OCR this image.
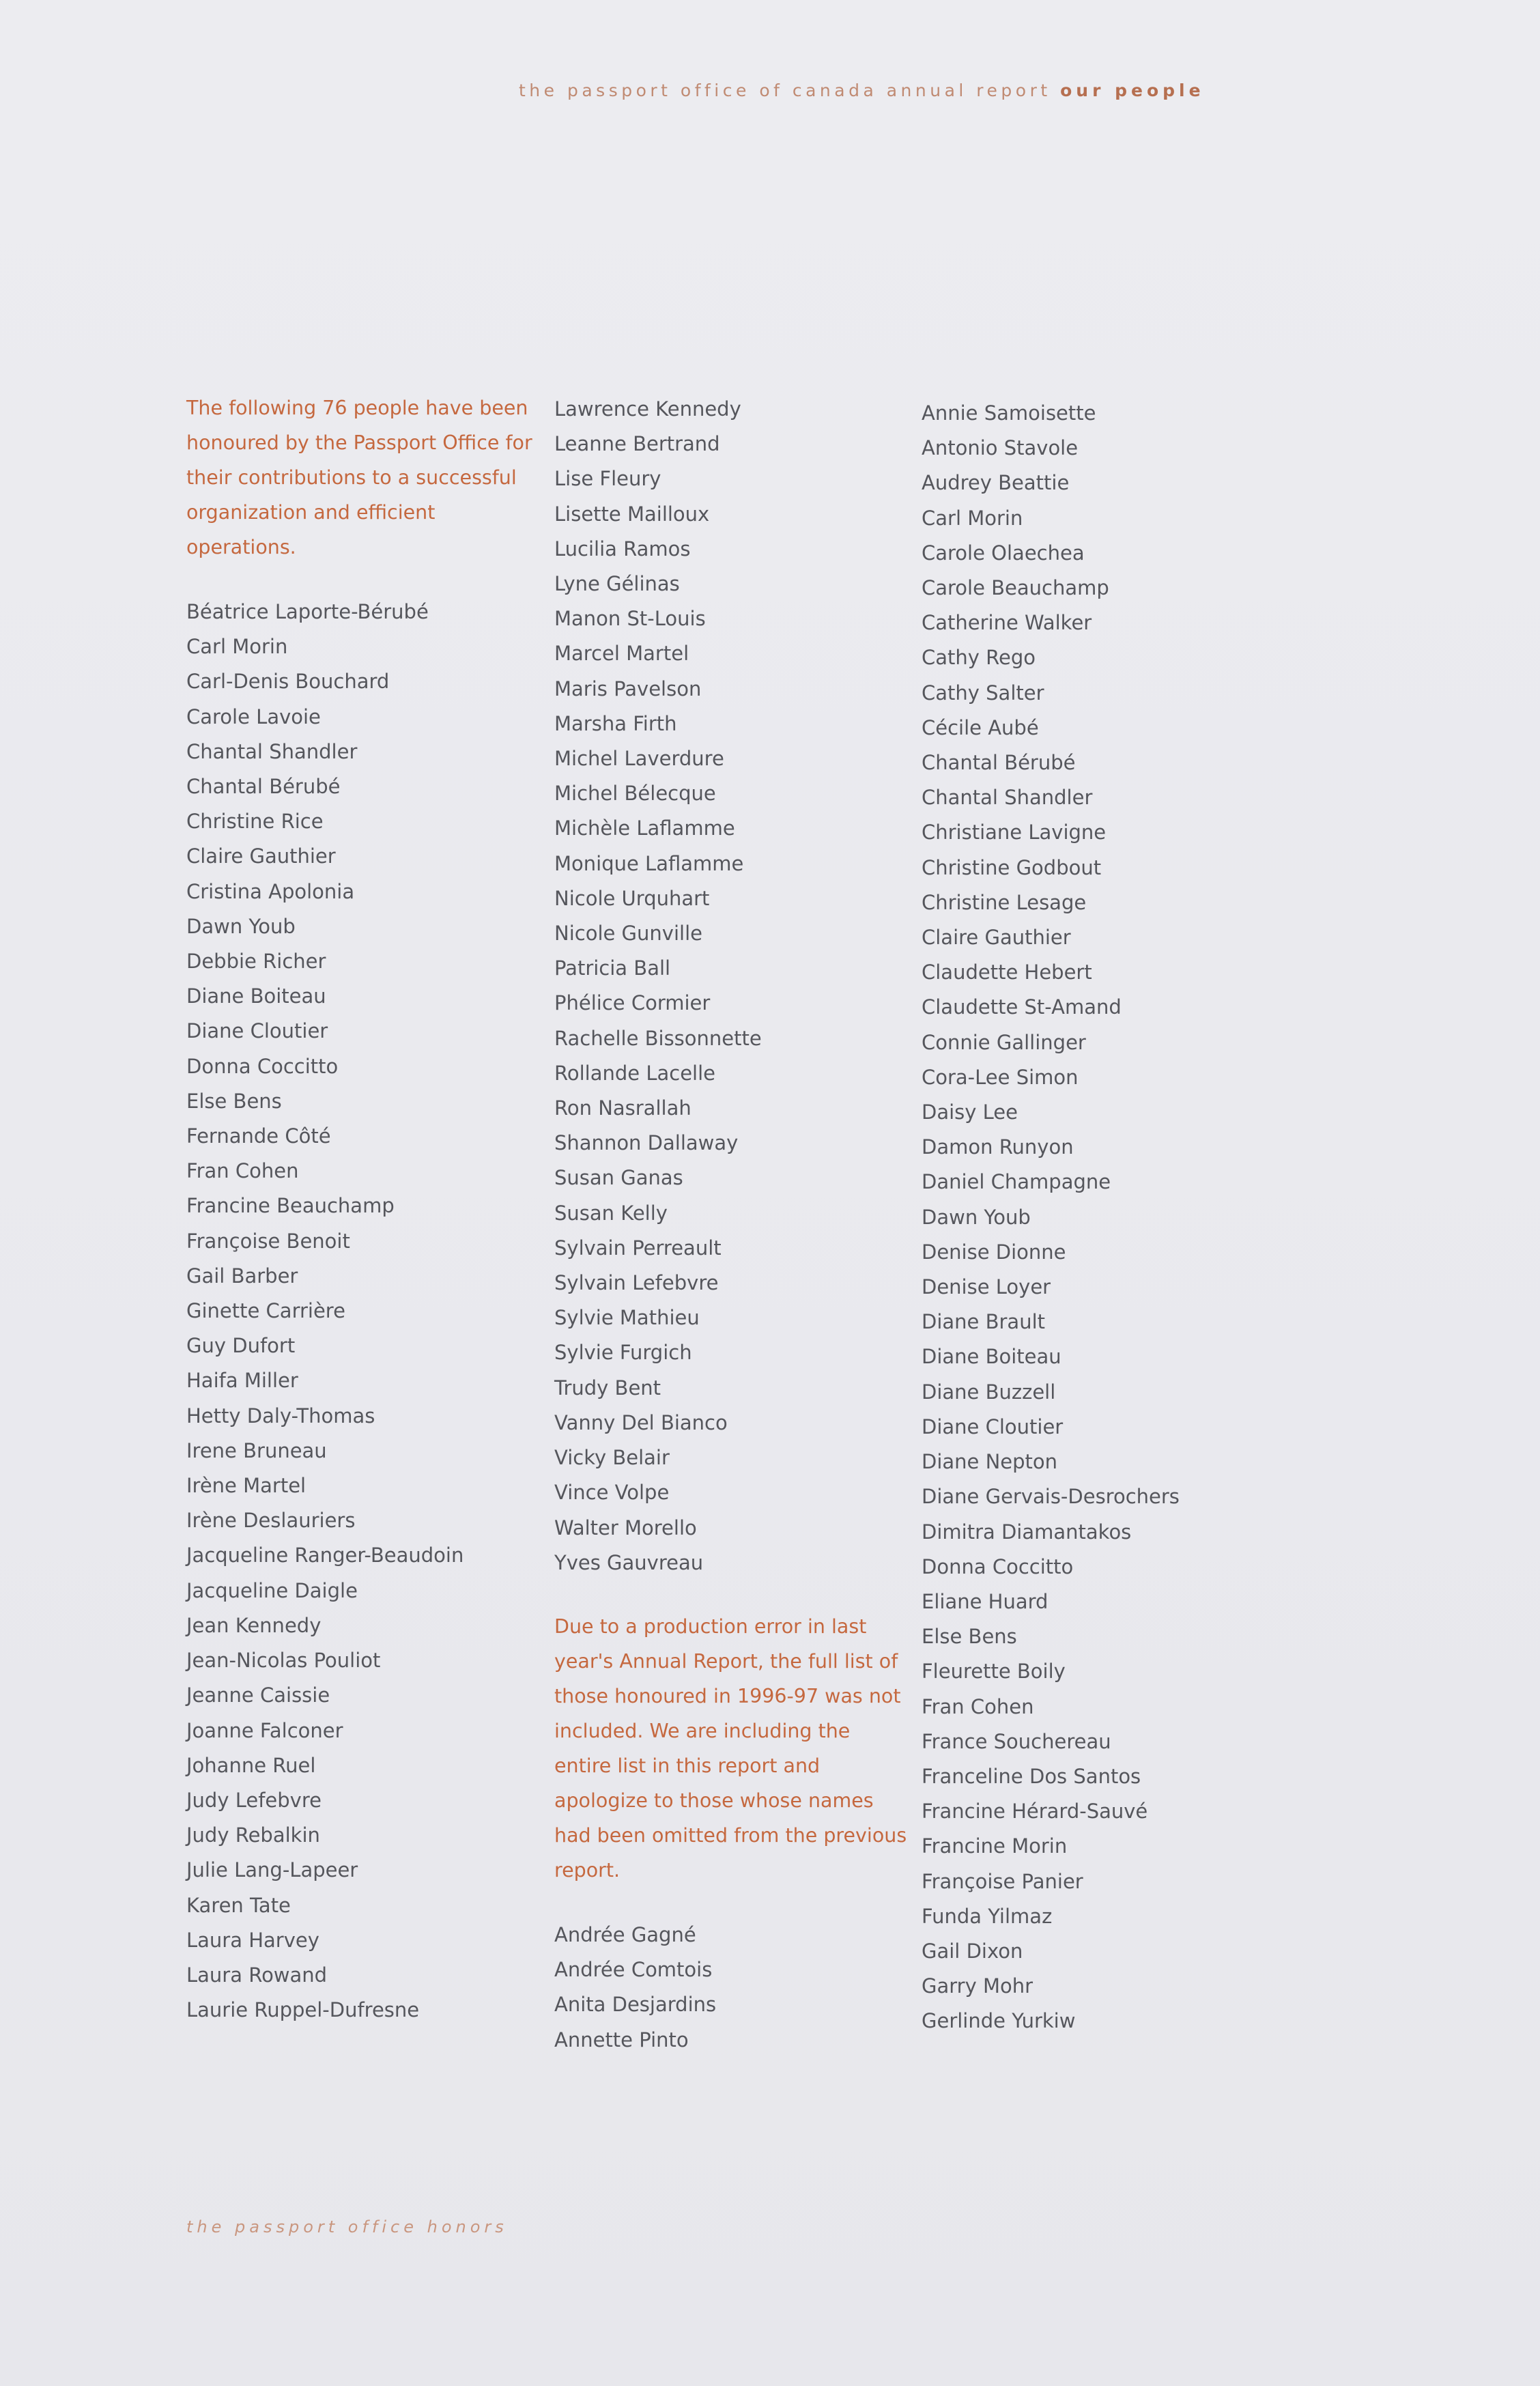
the passport office of canada annual report our people

The following 76 people have been honoured by the Passport Office for their contributions to a successful organization and efficient operations.

Béatrice Laporte-Bérubé
Carl Morin
Carl-Denis Bouchard
Carole Lavoie
Chantal Shandler
Chantal Bérubé
Christine Rice
Claire Gauthier
Cristina Apolonia
Dawn Youb
Debbie Richer
Diane Boiteau
Diane Cloutier
Donna Coccitto
Else Bens
Fernande Côté
Fran Cohen
Francine Beauchamp
Françoise Benoit
Gail Barber
Ginette Carrière
Guy Dufort
Haifa Miller
Hetty Daly-Thomas
Irene Bruneau
Irène Martel
Irène Deslauriers
Jacqueline Ranger-Beaudoin
Jacqueline Daigle
Jean Kennedy
Jean-Nicolas Pouliot
Jeanne Caissie
Joanne Falconer
Johanne Ruel
Judy Lefebvre
Judy Rebalkin
Julie Lang-Lapeer
Karen Tate
Laura Harvey
Laura Rowand
Laurie Ruppel-Dufresne
Lawrence Kennedy
Leanne Bertrand
Lise Fleury
Lisette Mailloux
Lucilia Ramos
Lyne Gélinas
Manon St-Louis
Marcel Martel
Maris Pavelson
Marsha Firth
Michel Laverdure
Michel Bélecque
Michèle Laflamme
Monique Laflamme
Nicole Urquhart
Nicole Gunville
Patricia Ball
Phélice Cormier
Rachelle Bissonnette
Rollande Lacelle
Ron Nasrallah
Shannon Dallaway
Susan Ganas
Susan Kelly
Sylvain Perreault
Sylvain Lefebvre
Sylvie Mathieu
Sylvie Furgich
Trudy Bent
Vanny Del Bianco
Vicky Belair
Vince Volpe
Walter Morello
Yves Gauvreau

Due to a production error in last year's Annual Report, the full list of those honoured in 1996-97 was not included. We are including the entire list in this report and apologize to those whose names had been omitted from the previous report.

Andrée Gagné
Andrée Comtois
Anita Desjardins
Annette Pinto
Annie Samoisette
Antonio Stavole
Audrey Beattie
Carl Morin
Carole Olaechea
Carole Beauchamp
Catherine Walker
Cathy Rego
Cathy Salter
Cécile Aubé
Chantal Bérubé
Chantal Shandler
Christiane Lavigne
Christine Godbout
Christine Lesage
Claire Gauthier
Claudette Hebert
Claudette St-Amand
Connie Gallinger
Cora-Lee Simon
Daisy Lee
Damon Runyon
Daniel Champagne
Dawn Youb
Denise Dionne
Denise Loyer
Diane Brault
Diane Boiteau
Diane Buzzell
Diane Cloutier
Diane Nepton
Diane Gervais-Desrochers
Dimitra Diamantakos
Donna Coccitto
Eliane Huard
Else Bens
Fleurette Boily
Fran Cohen
France Souchereau
Franceline Dos Santos
Francine Hérard-Sauvé
Francine Morin
Françoise Panier
Funda Yilmaz
Gail Dixon
Garry Mohr
Gerlinde Yurkiw
the passport office honors
